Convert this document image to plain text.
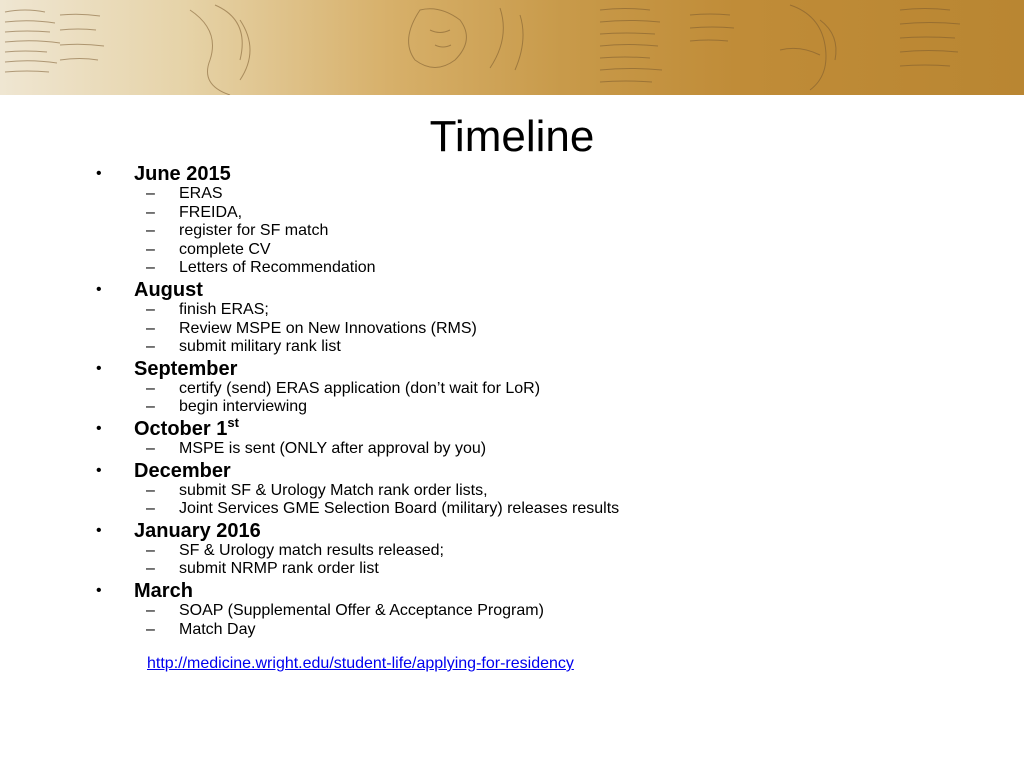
Timeline
• June 2015
– ERAS
– FREIDA,
– register for SF match
– complete CV
– Letters of Recommendation
• August
– finish ERAS;
– Review MSPE on New Innovations (RMS)
– submit military rank list
• September
– certify (send) ERAS application (don’t wait for LoR)
– begin interviewing
• October 1st
– MSPE is sent (ONLY after approval by you)
• December
– submit SF & Urology Match rank order lists,
– Joint Services GME Selection Board (military) releases results
• January 2016
– SF & Urology match results released;
– submit NRMP rank order list
• March
– SOAP (Supplemental Offer & Acceptance Program)
– Match Day
http://medicine.wright.edu/student-life/applying-for-residency
